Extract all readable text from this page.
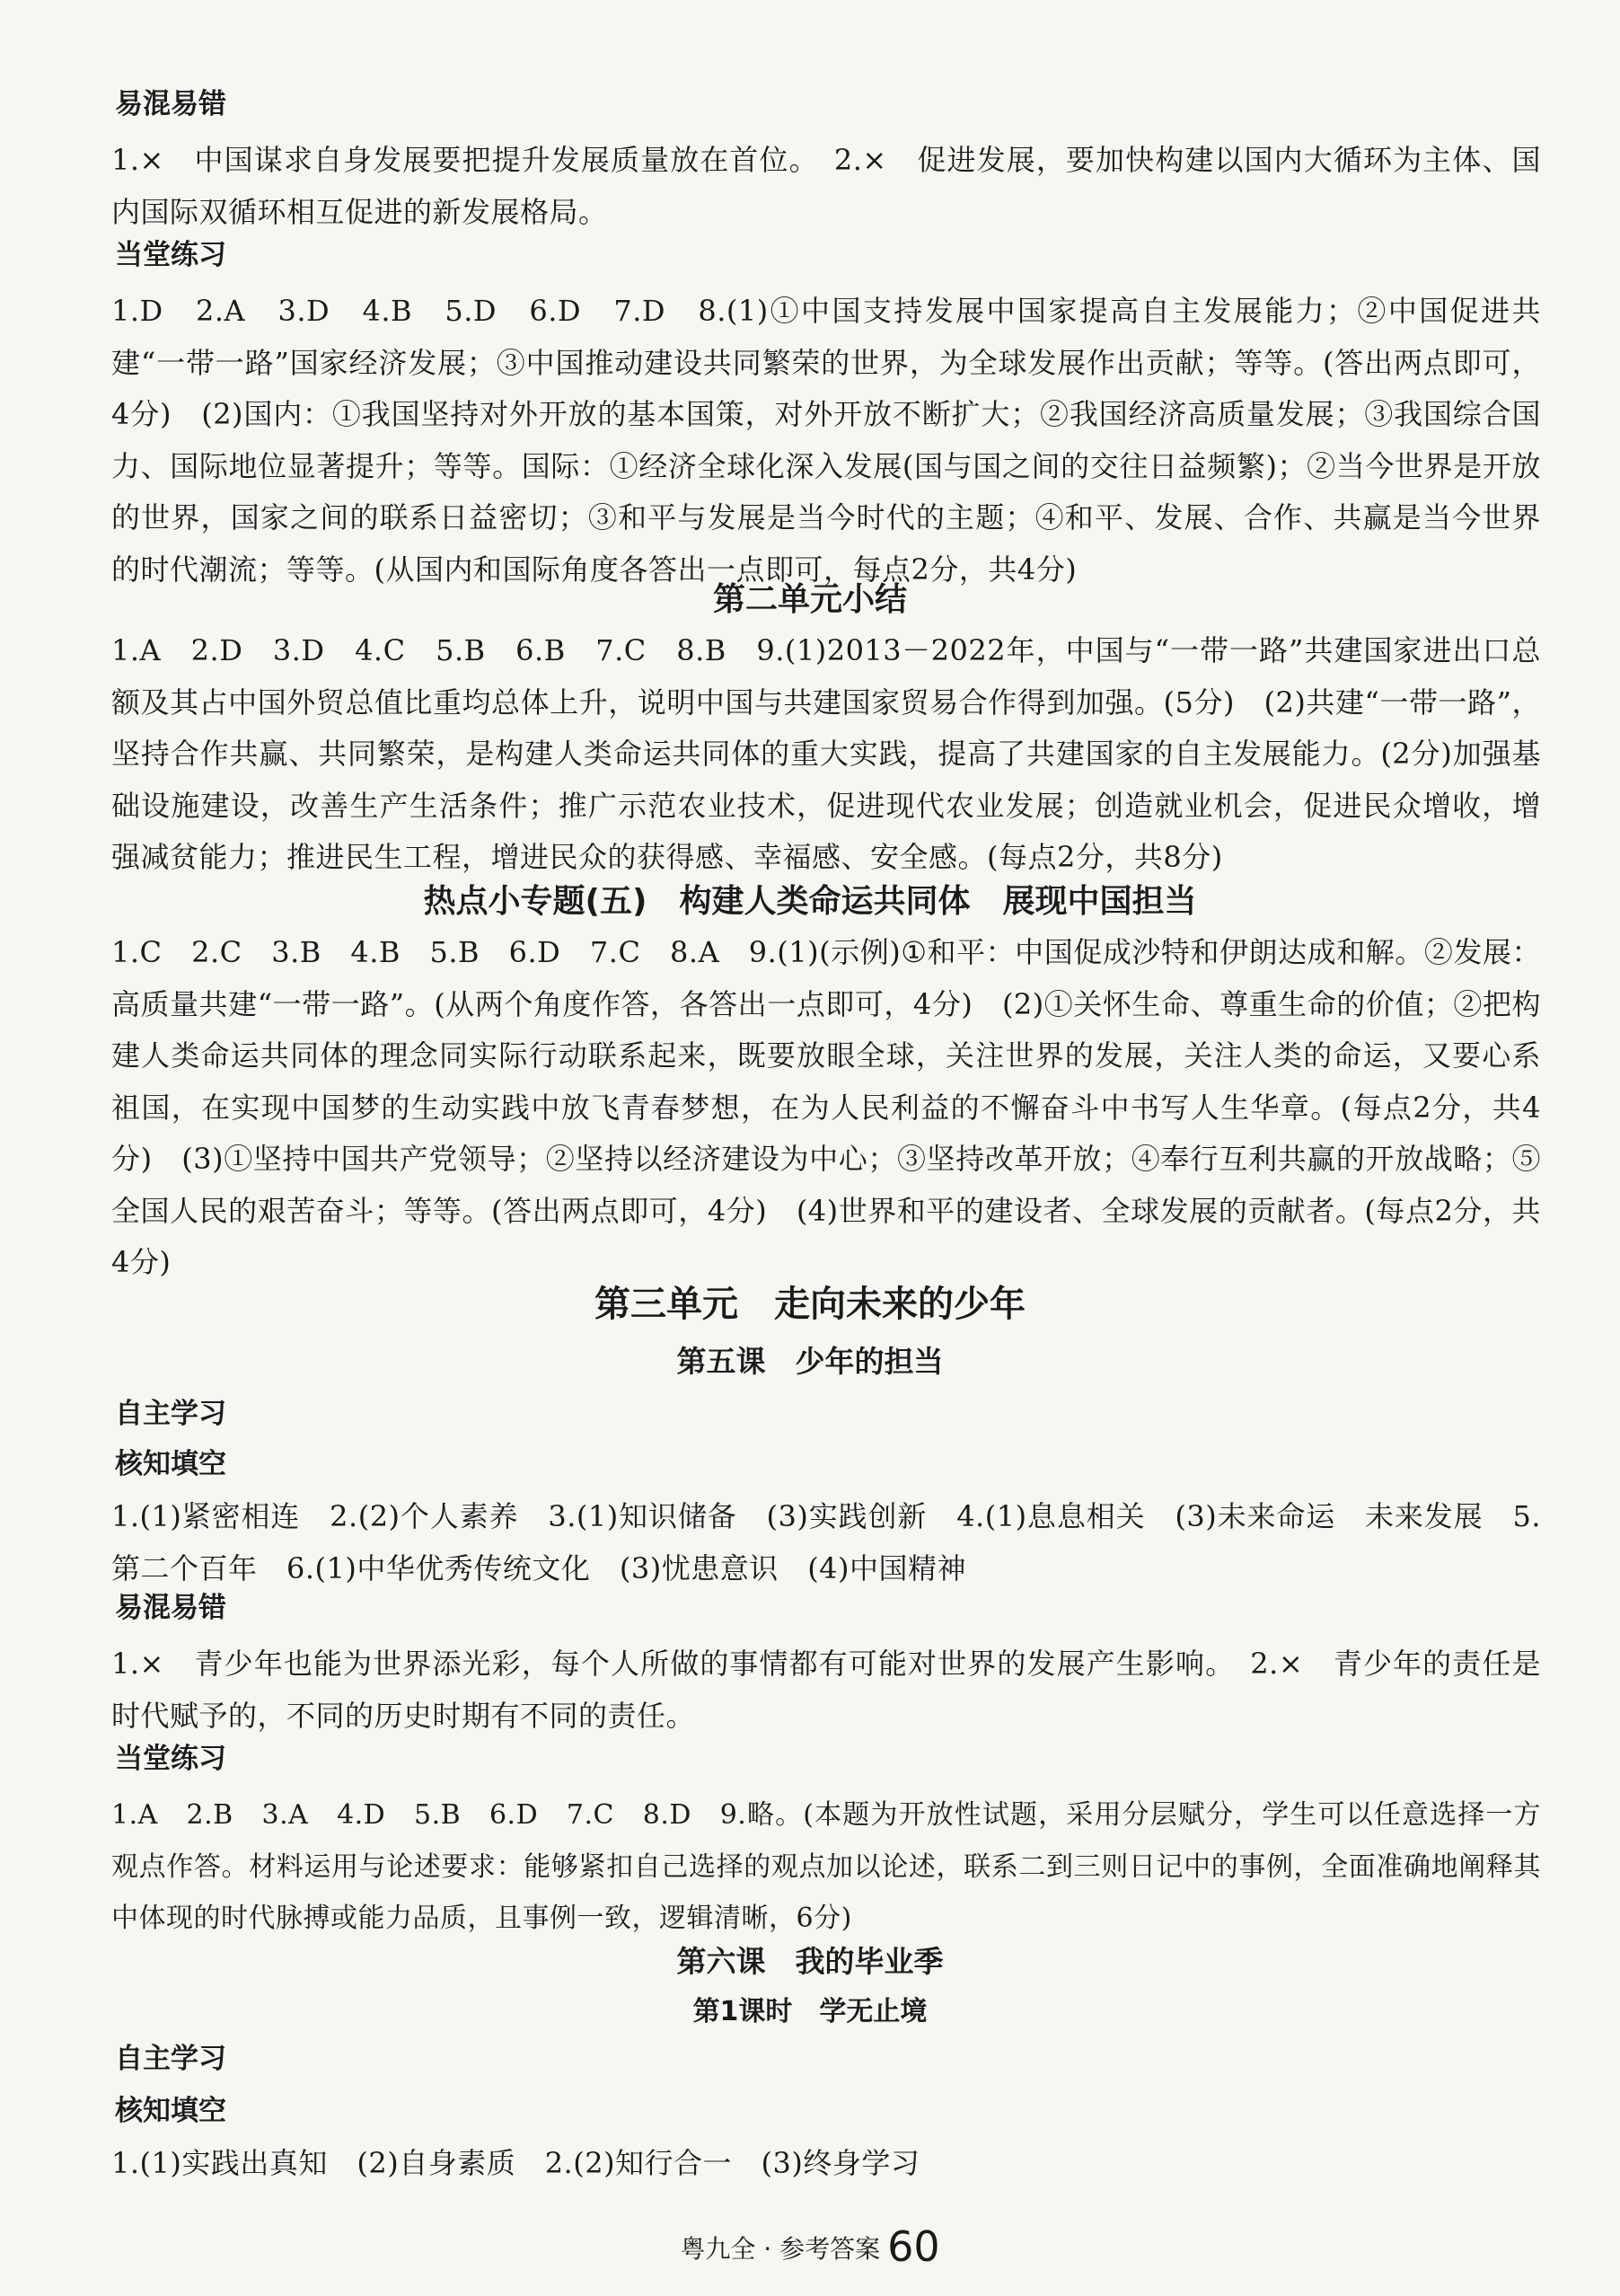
易混易错

1.×　中国谋求自身发展要把提升发展质量放在首位。　2.×　促进发展，要加快构建以国内大循环为主体、国内国际双循环相互促进的新发展格局。

当堂练习

1.D　2.A　3.D　4.B　5.D　6.D　7.D　8.(1)①中国支持发展中国家提高自主发展能力；②中国促进共建“一带一路”国家经济发展；③中国推动建设共同繁荣的世界，为全球发展作出贡献；等等。(答出两点即可，4分)　(2)国内：①我国坚持对外开放的基本国策，对外开放不断扩大；②我国经济高质量发展；③我国综合国力、国际地位显著提升；等等。国际：①经济全球化深入发展(国与国之间的交往日益频繁)；②当今世界是开放的世界，国家之间的联系日益密切；③和平与发展是当今时代的主题；④和平、发展、合作、共赢是当今世界的时代潮流；等等。(从国内和国际角度各答出一点即可，每点2分，共4分)

第二单元小结

1.A　2.D　3.D　4.C　5.B　6.B　7.C　8.B　9.(1)2013－2022年，中国与“一带一路”共建国家进出口总额及其占中国外贸总值比重均总体上升，说明中国与共建国家贸易合作得到加强。(5分)　(2)共建“一带一路”，坚持合作共赢、共同繁荣，是构建人类命运共同体的重大实践，提高了共建国家的自主发展能力。(2分)加强基础设施建设，改善生产生活条件；推广示范农业技术，促进现代农业发展；创造就业机会，促进民众增收，增强减贫能力；推进民生工程，增进民众的获得感、幸福感、安全感。(每点2分，共8分)

热点小专题(五)　构建人类命运共同体　展现中国担当

1.C　2.C　3.B　4.B　5.B　6.D　7.C　8.A　9.(1)(示例)①和平：中国促成沙特和伊朗达成和解。②发展：高质量共建“一带一路”。(从两个角度作答，各答出一点即可，4分)　(2)①关怀生命、尊重生命的价值；②把构建人类命运共同体的理念同实际行动联系起来，既要放眼全球，关注世界的发展，关注人类的命运，又要心系祖国，在实现中国梦的生动实践中放飞青春梦想，在为人民利益的不懈奋斗中书写人生华章。(每点2分，共4分)　(3)①坚持中国共产党领导；②坚持以经济建设为中心；③坚持改革开放；④奉行互利共赢的开放战略；⑤全国人民的艰苦奋斗；等等。(答出两点即可，4分)　(4)世界和平的建设者、全球发展的贡献者。(每点2分，共4分)

第三单元　走向未来的少年
第五课　少年的担当

自主学习

核知填空

1.(1)紧密相连　2.(2)个人素养　3.(1)知识储备　(3)实践创新　4.(1)息息相关　(3)未来命运　未来发展　5.第二个百年　6.(1)中华优秀传统文化　(3)忧患意识　(4)中国精神

易混易错

1.×　青少年也能为世界添光彩，每个人所做的事情都有可能对世界的发展产生影响。　2.×　青少年的责任是时代赋予的，不同的历史时期有不同的责任。

当堂练习

1.A　2.B　3.A　4.D　5.B　6.D　7.C　8.D　9.略。(本题为开放性试题，采用分层赋分，学生可以任意选择一方观点作答。材料运用与论述要求：能够紧扣自己选择的观点加以论述，联系二到三则日记中的事例，全面准确地阐释其中体现的时代脉搏或能力品质，且事例一致，逻辑清晰，6分)

第六课　我的毕业季
第1课时　学无止境

自主学习

核知填空

1.(1)实践出真知　(2)自身素质　2.(2)知行合一　(3)终身学习

粤九全 · 参考答案 60
